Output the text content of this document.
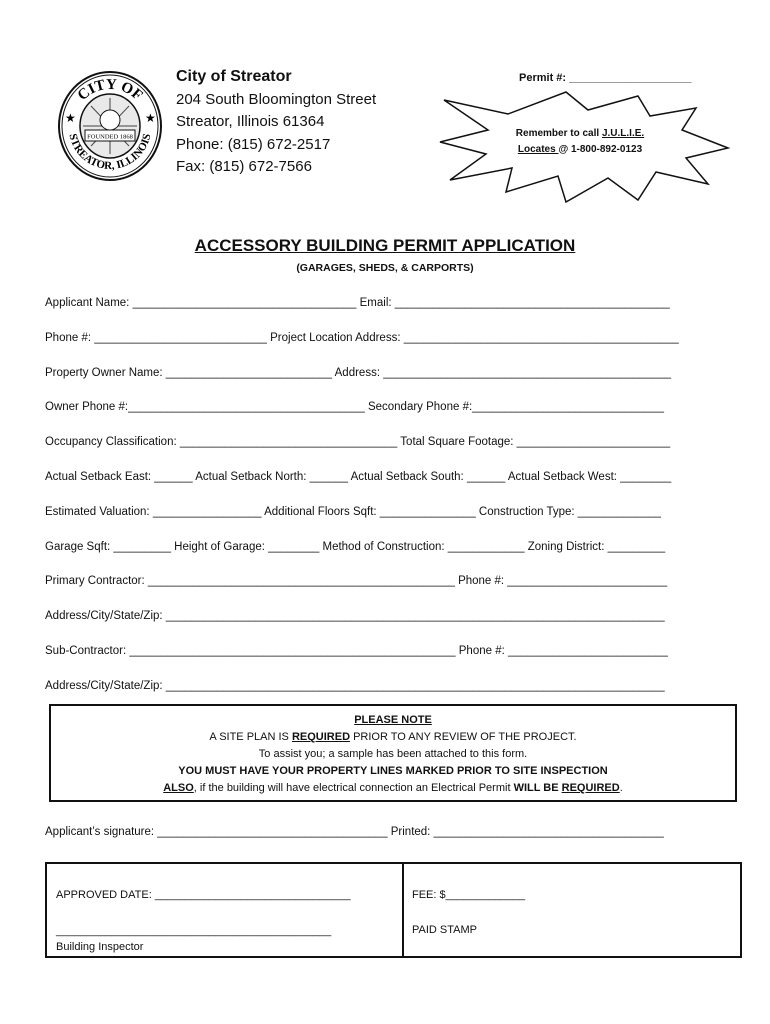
FOUNDED 1868
CITY OF
STREATOR, ILLINOIS
★	★
City of Streator
204 South Bloomington Street
Streator, Illinois 61364
Phone: (815) 672-2517
Fax: (815) 672-7566
Permit #: ____________________
Remember to call J.U.L.I.E.
Locates @ 1-800-892-0123
ACCESSORY BUILDING PERMIT APPLICATION
(GARAGES, SHEDS, & CARPORTS)
Applicant Name: ___________________________________ Email: ___________________________________________
Phone #: ___________________________ Project Location Address: ___________________________________________
Property Owner Name: __________________________ Address: _____________________________________________
Owner Phone #:_____________________________________ Secondary Phone #:______________________________
Occupancy Classification: __________________________________ Total Square Footage: ________________________
Actual Setback East: ______ Actual Setback North: ______ Actual Setback South: ______ Actual Setback West: ________
Estimated Valuation: _________________ Additional Floors Sqft: _______________ Construction Type: _____________
Garage Sqft: _________ Height of Garage: ________ Method of Construction: ____________ Zoning District: _________
Primary Contractor: ________________________________________________ Phone #: _________________________
Address/City/State/Zip: ______________________________________________________________________________
Sub-Contractor: ___________________________________________________ Phone #: _________________________
Address/City/State/Zip: ______________________________________________________________________________
PLEASE NOTE
A SITE PLAN IS REQUIRED PRIOR TO ANY REVIEW OF THE PROJECT.
To assist you; a sample has been attached to this form.
YOU MUST HAVE YOUR PROPERTY LINES MARKED PRIOR TO SITE INSPECTION
ALSO, if the building will have electrical connection an Electrical Permit WILL BE REQUIRED.
Applicant’s signature: ____________________________________ Printed: ____________________________________
APPROVED DATE: ________________________________
_____________________________________________
Building Inspector
FEE: $_____________
PAID STAMP
